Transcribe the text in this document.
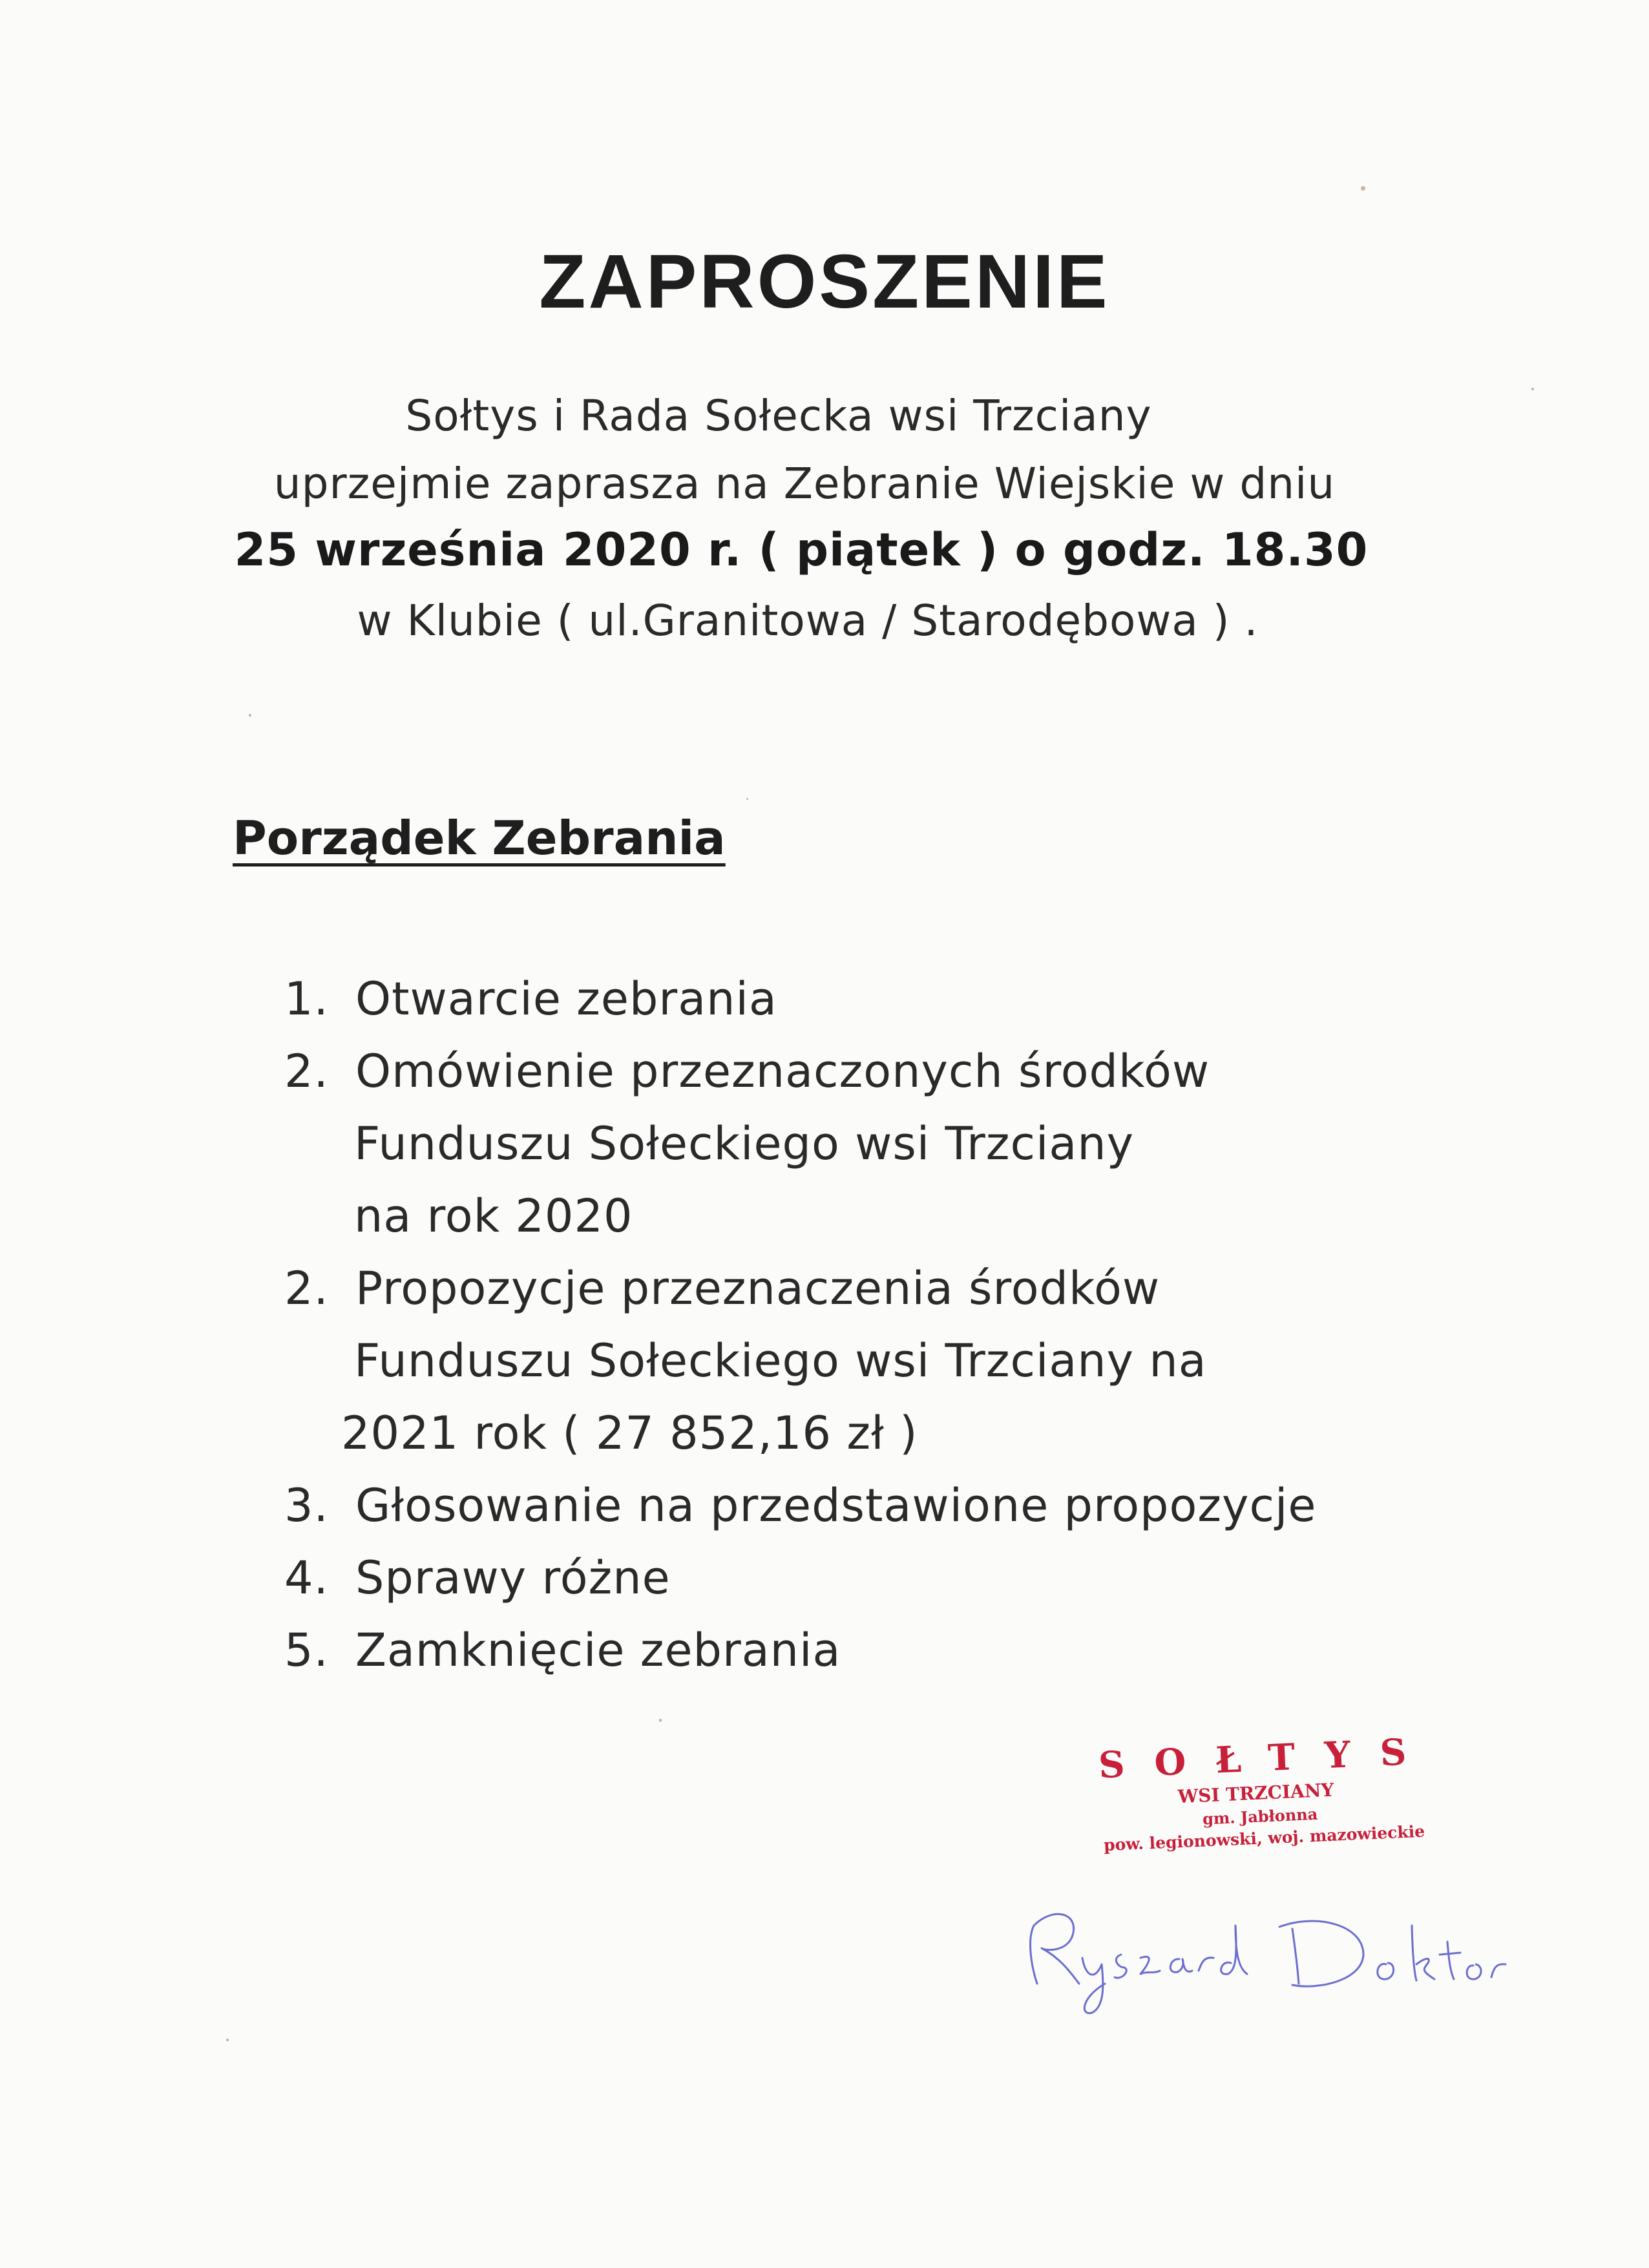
ZAPROSZENIE
Sołtys i Rada Sołecka wsi Trzciany
uprzejmie zaprasza na Zebranie Wiejskie w dniu
25 września 2020 r. ( piątek ) o godz. 18.30
w Klubie ( ul.Granitowa / Starodębowa ) .
Porządek Zebrania
1. Otwarcie zebrania
2. Omówienie przeznaczonych środków
Funduszu Sołeckiego wsi Trzciany
na rok 2020
2. Propozycje przeznaczenia środków
Funduszu Sołeckiego wsi Trzciany na
2021 rok ( 27 852,16 zł )
3. Głosowanie na przedstawione propozycje
4. Sprawy różne
5. Zamknięcie zebrania
SOŁTYS
WSI TRZCIANY
gm. Jabłonna
pow. legionowski, woj. mazowieckie
